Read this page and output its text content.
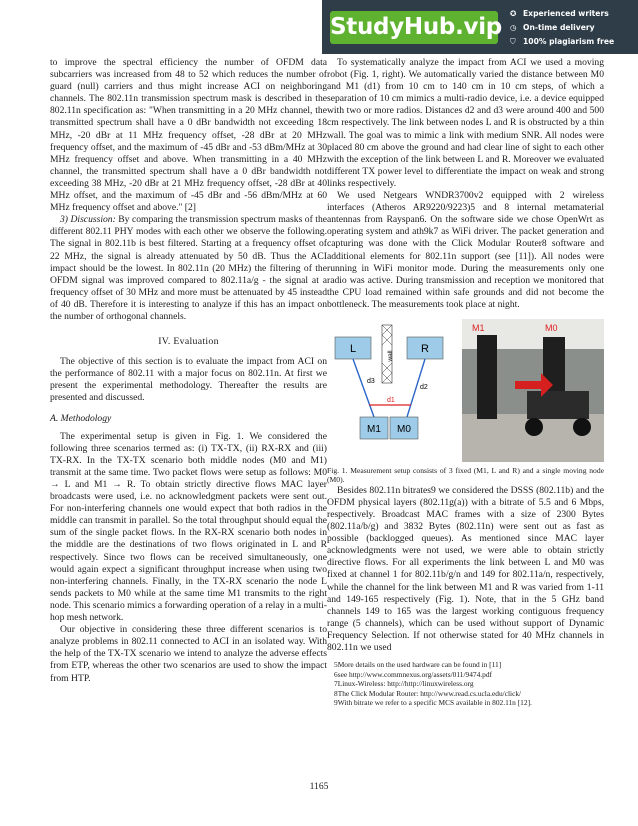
StudyHub.vip
✪ Experienced writers
◷ On-time delivery
⛉ 100% plagiarism free

to improve the spectral efficiency the number of OFDM data subcarriers was increased from 48 to 52 which reduces the number of guard (null) carriers and thus might increase ACI on neighboring channels. The 802.11n transmission spectrum mask is described in the 802.11n specification as: "When transmitting in a 20 MHz channel, the transmitted spectrum shall have a 0 dBr bandwidth not exceeding 18 MHz, -20 dBr at 11 MHz frequency offset, -28 dBr at 20 MHz frequency offset, and the maximum of -45 dBr and -53 dBm/MHz at 30 MHz frequency offset and above. When transmitting in a 40 MHz channel, the transmitted spectrum shall have a 0 dBr bandwidth not exceeding 38 MHz, -20 dBr at 21 MHz frequency offset, -28 dBr at 40 MHz offset, and the maximum of -45 dBr and -56 dBm/MHz at 60 MHz frequency offset and above." [2]

3) Discussion: By comparing the transmission spectrum masks of the different 802.11 PHY modes with each other we observe the following. The signal in 802.11b is best filtered. Starting at a frequency offset of 22 MHz, the signal is already attenuated by 50 dB. Thus the ACI impact should be the lowest. In 802.11n (20 MHz) the filtering of the OFDM signal was improved compared to 802.11a/g - the signal at a frequency offset of 30 MHz and more must be attenuated by 45 instead of 40 dB. Therefore it is interesting to analyze if this has an impact on the number of orthogonal channels.

IV. Evaluation

The objective of this section is to evaluate the impact from ACI on the performance of 802.11 with a major focus on 802.11n. At first we present the experimental methodology. Thereafter the results are presented and discussed.

A. Methodology

The experimental setup is given in Fig. 1. We considered the following three scenarios termed as: (i) TX-TX, (ii) RX-RX and (iii) TX-RX. In the TX-TX scenario both middle nodes (M0 and M1) transmit at the same time. Two packet flows were setup as follows: M0 → L and M1 → R. To obtain strictly directive flows MAC layer broadcasts were used, i.e. no acknowledgment packets were sent out. For non-interfering channels one would expect that both radios in the middle can transmit in parallel. So the total throughput should equal the sum of the single packet flows. In the RX-RX scenario both nodes in the middle are the destinations of two flows originated in L and R respectively. Since two flows can be received simultaneously, one would again expect a significant throughput increase when using two non-interfering channels. Finally, in the TX-RX scenario the node L sends packets to M0 while at the same time M1 transmits to the right node. This scenario mimics a forwarding operation of a relay in a multi-hop mesh network.

Our objective in considering these three different scenarios is to analyze problems in 802.11 connected to ACI in an isolated way. With the help of the TX-TX scenario we intend to analyze the adverse effects from ETP, whereas the other two scenarios are used to show the impact from HTP.

To systematically analyze the impact from ACI we used a moving robot (Fig. 1, right). We automatically varied the distance between M0 and M1 (d1) from 10 cm to 140 cm in 10 cm steps, of which a separation of 10 cm mimics a multi-radio device, i.e. a device equipped with two or more radios. Distances d2 and d3 were around 400 and 500 cm respectively. The link between nodes L and R is obstructed by a thin wall. The goal was to mimic a link with medium SNR. All nodes were placed 80 cm above the ground and had clear line of sight to each other with the exception of the link between L and R. Moreover we evaluated different TX power level to differentiate the impact on weak and strong links respectively.

We used Netgears WNDR3700v2 equipped with 2 wireless interfaces (Atheros AR9220/9223)5 and 8 internal metamaterial antennas from Rayspan6. On the software side we chose OpenWrt as operating system and ath9k7 as WiFi driver. The packet generation and capturing was done with the Click Modular Router8 software and additional elements for 802.11n support (see [11]). All nodes were running in WiFi monitor mode. During the measurements only one radio was active. During transmission and reception we monitored that the CPU load remained within safe grounds and did not become the bottleneck. The measurements took place at night.

L	R
wall
d3
d2
d1
M1 M0
M1	M0

Fig. 1. Measurement setup consists of 3 fixed (M1, L and R) and a single moving node (M0).

Besides 802.11n bitrates9 we considered the DSSS (802.11b) and the OFDM physical layers (802.11g(a)) with a bitrate of 5.5 and 6 Mbps, respectively. Broadcast MAC frames with a size of 2300 Bytes (802.11a/b/g) and 3832 Bytes (802.11n) were sent out as fast as possible (backlogged queues). As mentioned since MAC layer acknowledgments were not used, we were able to obtain strictly directive flows. For all experiments the link between L and M0 was fixed at channel 1 for 802.11b/g/n and 149 for 802.11a/n, respectively, while the channel for the link between M1 and R was varied from 1-11 and 149-165 respectively (Fig. 1). Note, that in the 5 GHz band channels 149 to 165 was the largest working contiguous frequency range (5 channels), which can be used without support of Dynamic Frequency Selection. If not otherwise stated for 40 MHz channels in 802.11n we used

5More details on the used hardware can be found in [11]

6see http://www.commnexus.org/assets/011/9474.pdf

7Linux-Wireless: http://http://linuxwireless.org

8The Click Modular Router: http://www.read.cs.ucla.edu/click/

9With bitrate we refer to a specific MCS available in 802.11n [12].

1165
